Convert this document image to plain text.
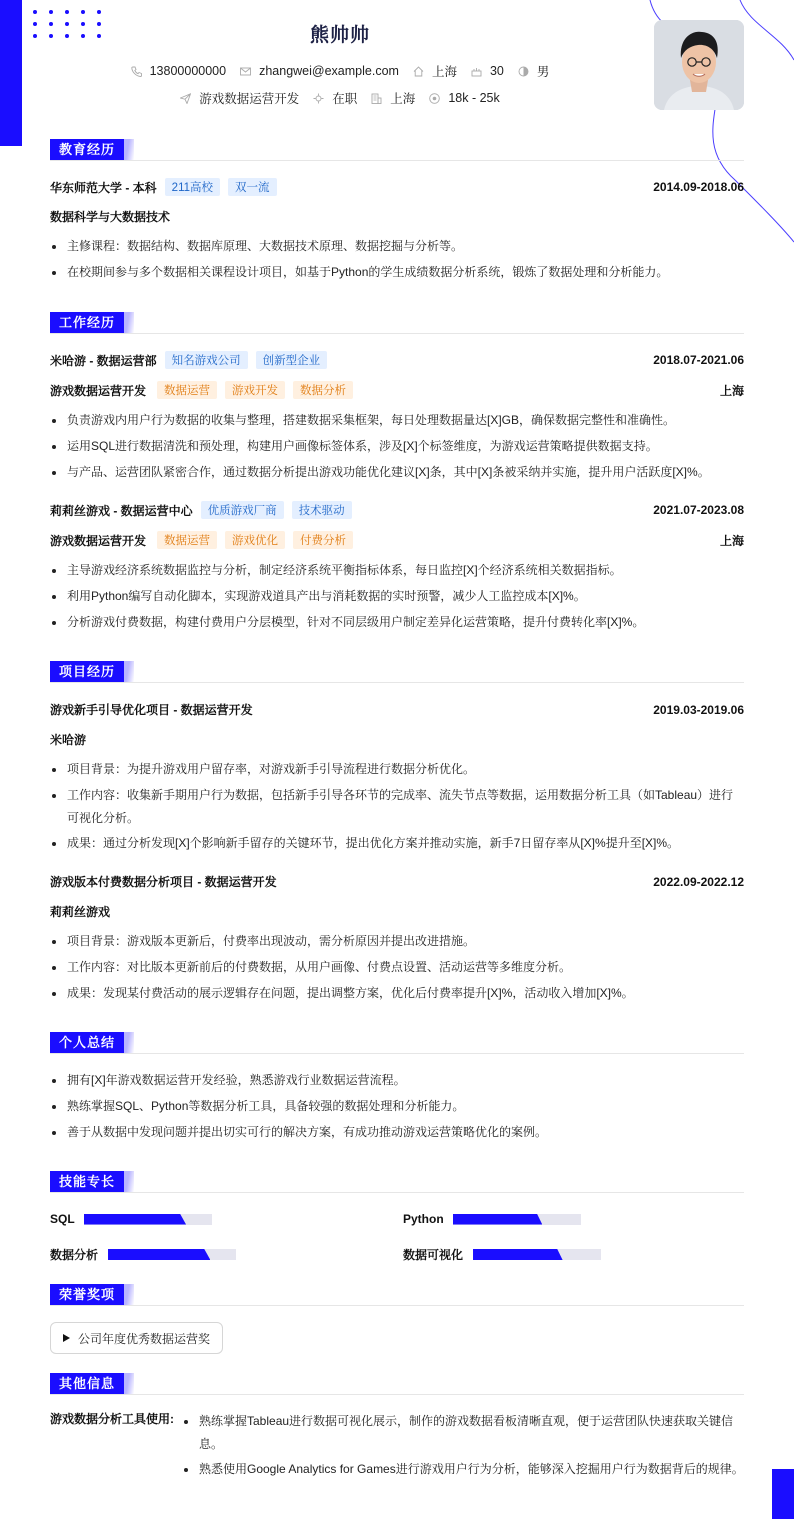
熊帅帅
13800000000	zhangwei@example.com	上海	30	男
游戏数据运营开发	在职	上海	18k - 25k
教育经历
华东师范大学 - 本科	211高校	双一流	2014.09-2018.06
数据科学与大数据技术
主修课程：数据结构、数据库原理、大数据技术原理、数据挖掘与分析等。
在校期间参与多个数据相关课程设计项目，如基于Python的学生成绩数据分析系统，锻炼了数据处理和分析能力。
工作经历
米哈游 - 数据运营部	知名游戏公司	创新型企业	2018.07-2021.06
游戏数据运营开发	数据运营	游戏开发	数据分析	上海
负责游戏内用户行为数据的收集与整理，搭建数据采集框架，每日处理数据量达[X]GB，确保数据完整性和准确性。
运用SQL进行数据清洗和预处理，构建用户画像标签体系，涉及[X]个标签维度，为游戏运营策略提供数据支持。
与产品、运营团队紧密合作，通过数据分析提出游戏功能优化建议[X]条，其中[X]条被采纳并实施，提升用户活跃度[X]%。
莉莉丝游戏 - 数据运营中心	优质游戏厂商	技术驱动	2021.07-2023.08
游戏数据运营开发	数据运营	游戏优化	付费分析	上海
主导游戏经济系统数据监控与分析，制定经济系统平衡指标体系，每日监控[X]个经济系统相关数据指标。
利用Python编写自动化脚本，实现游戏道具产出与消耗数据的实时预警，减少人工监控成本[X]%。
分析游戏付费数据，构建付费用户分层模型，针对不同层级用户制定差异化运营策略，提升付费转化率[X]%。
项目经历
游戏新手引导优化项目 - 数据运营开发	2019.03-2019.06
米哈游
项目背景：为提升游戏用户留存率，对游戏新手引导流程进行数据分析优化。
工作内容：收集新手期用户行为数据，包括新手引导各环节的完成率、流失节点等数据，运用数据分析工具（如Tableau）进行可视化分析。
成果：通过分析发现[X]个影响新手留存的关键环节，提出优化方案并推动实施，新手7日留存率从[X]%提升至[X]%。
游戏版本付费数据分析项目 - 数据运营开发	2022.09-2022.12
莉莉丝游戏
项目背景：游戏版本更新后，付费率出现波动，需分析原因并提出改进措施。
工作内容：对比版本更新前后的付费数据，从用户画像、付费点设置、活动运营等多维度分析。
成果：发现某付费活动的展示逻辑存在问题，提出调整方案，优化后付费率提升[X]%，活动收入增加[X]%。
个人总结
拥有[X]年游戏数据运营开发经验，熟悉游戏行业数据运营流程。
熟练掌握SQL、Python等数据分析工具，具备较强的数据处理和分析能力。
善于从数据中发现问题并提出切实可行的解决方案，有成功推动游戏运营策略优化的案例。
技能专长
SQL	Python
数据分析	数据可视化
荣誉奖项
公司年度优秀数据运营奖
其他信息
游戏数据分析工具使用:	熟练掌握Tableau进行数据可视化展示，制作的游戏数据看板清晰直观，便于运营团队快速获取关键信息。
熟悉使用Google Analytics for Games进行游戏用户行为分析，能够深入挖掘用户行为数据背后的规律。
